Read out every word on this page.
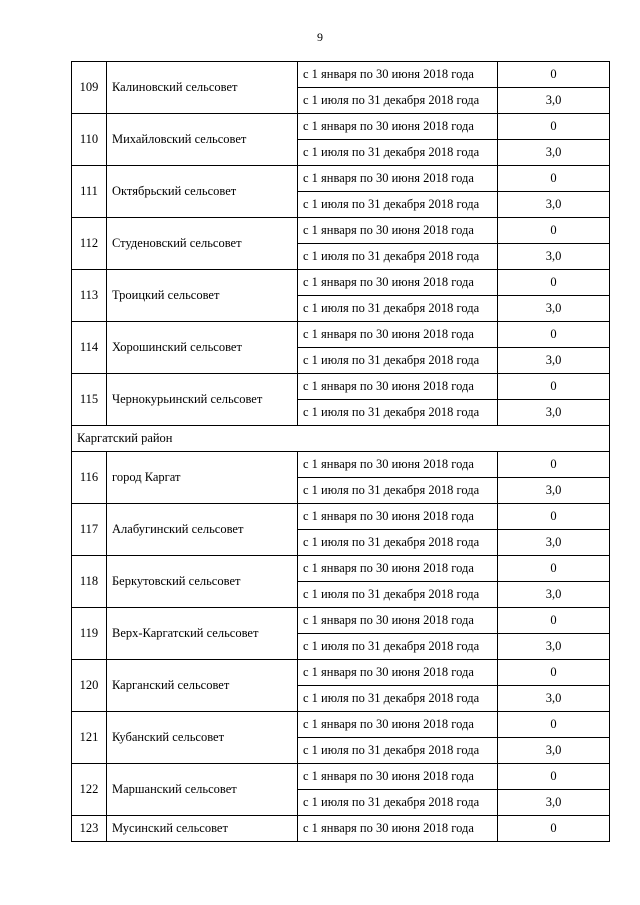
9
109	Калиновский сельсовет	с 1 января по 30 июня 2018 года	0
		с 1 июля по 31 декабря 2018 года	3,0
110	Михайловский сельсовет	с 1 января по 30 июня 2018 года	0
		с 1 июля по 31 декабря 2018 года	3,0
111	Октябрьский сельсовет	с 1 января по 30 июня 2018 года	0
		с 1 июля по 31 декабря 2018 года	3,0
112	Студеновский сельсовет	с 1 января по 30 июня 2018 года	0
		с 1 июля по 31 декабря 2018 года	3,0
113	Троицкий сельсовет	с 1 января по 30 июня 2018 года	0
		с 1 июля по 31 декабря 2018 года	3,0
114	Хорошинский сельсовет	с 1 января по 30 июня 2018 года	0
		с 1 июля по 31 декабря 2018 года	3,0
115	Чернокурьинский сельсовет	с 1 января по 30 июня 2018 года	0
		с 1 июля по 31 декабря 2018 года	3,0
Каргатский район			
116	город Каргат	с 1 января по 30 июня 2018 года	0
		с 1 июля по 31 декабря 2018 года	3,0
117	Алабугинский сельсовет	с 1 января по 30 июня 2018 года	0
		с 1 июля по 31 декабря 2018 года	3,0
118	Беркутовский сельсовет	с 1 января по 30 июня 2018 года	0
		с 1 июля по 31 декабря 2018 года	3,0
119	Верх-Каргатский сельсовет	с 1 января по 30 июня 2018 года	0
		с 1 июля по 31 декабря 2018 года	3,0
120	Карганский сельсовет	с 1 января по 30 июня 2018 года	0
		с 1 июля по 31 декабря 2018 года	3,0
121	Кубанский сельсовет	с 1 января по 30 июня 2018 года	0
		с 1 июля по 31 декабря 2018 года	3,0
122	Маршанский сельсовет	с 1 января по 30 июня 2018 года	0
		с 1 июля по 31 декабря 2018 года	3,0
123	Мусинский сельсовет	с 1 января по 30 июня 2018 года	0
